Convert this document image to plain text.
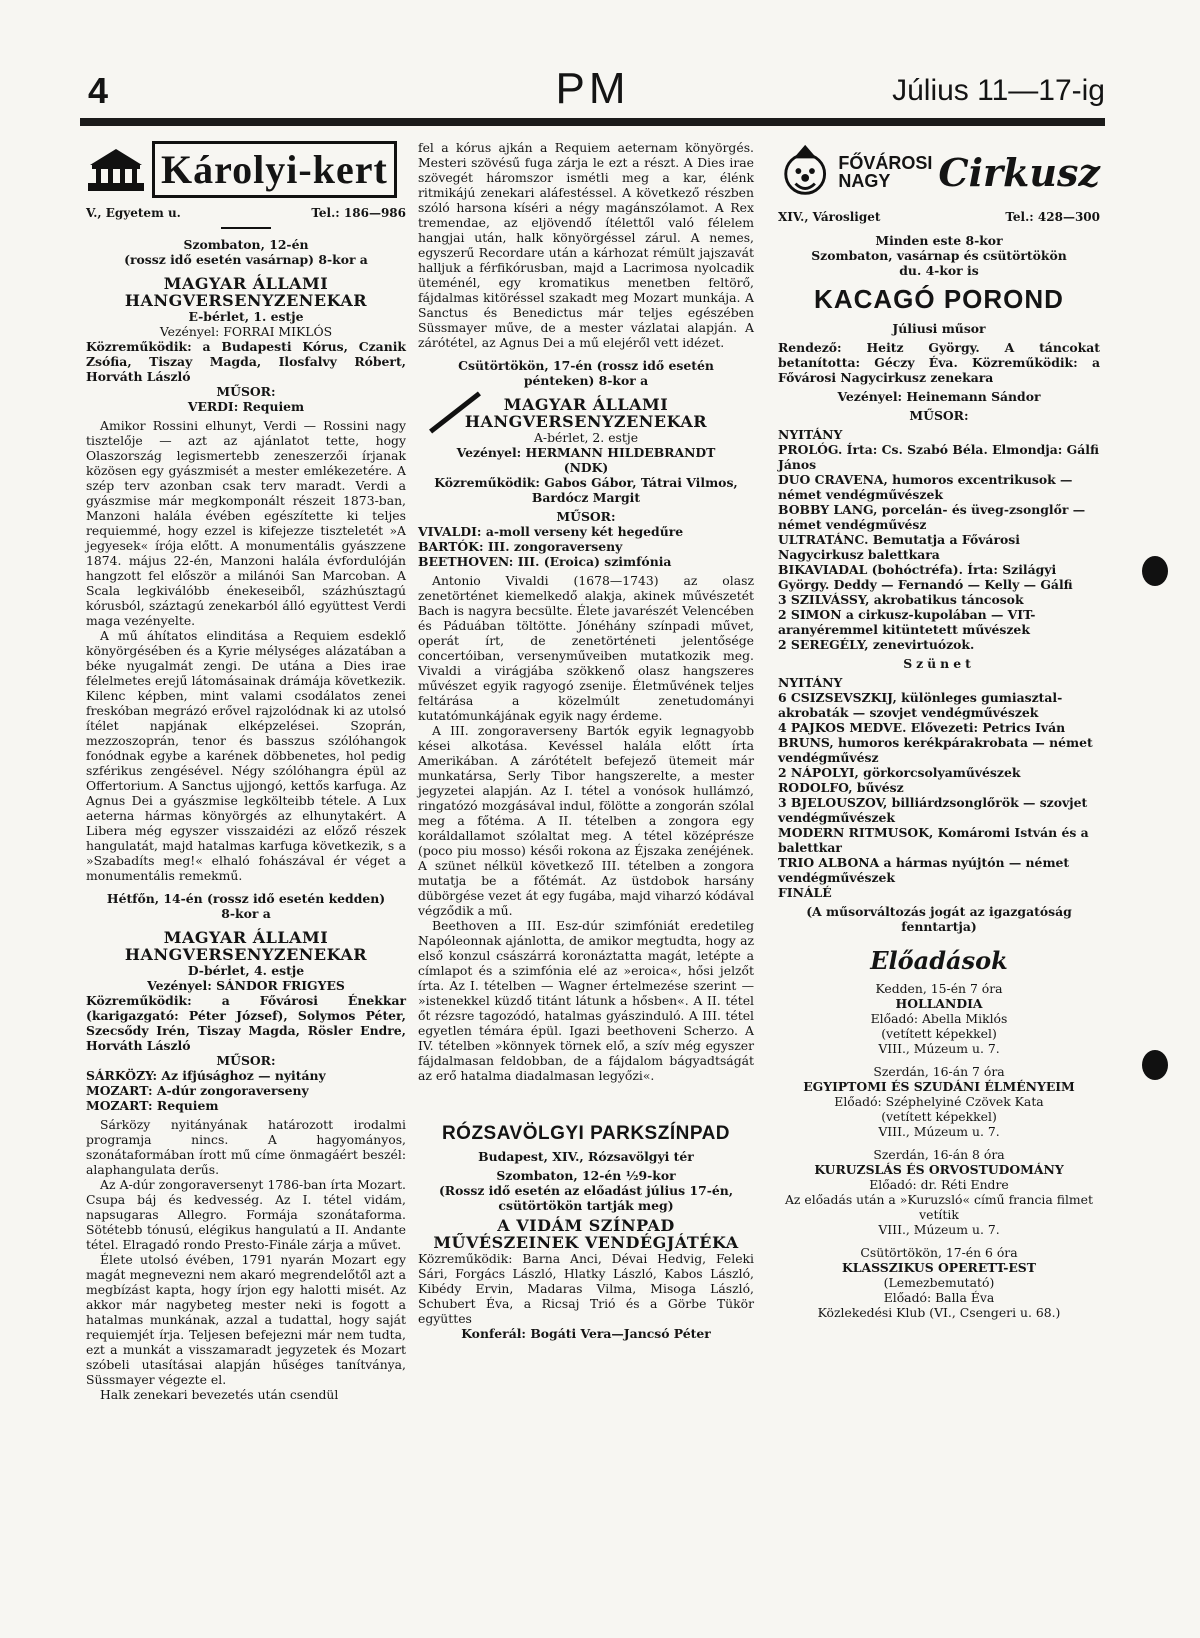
4	PM	Július 11—17-ig
Károlyi-kert
V., Egyetem u.	Tel.: 186—986

Szombaton, 12-én

(rossz idő esetén vasárnap) 8-kor a

MAGYAR ÁLLAMI

HANGVERSENYZENEKAR

E-bérlet, 1. estje

Vezényel: FORRAI MIKLÓS

Közreműködik: a Budapesti Kórus, Czanik Zsófia, Tiszay Magda, Ilosfalvy Róbert, Horváth László

MŰSOR:

VERDI: Requiem

Amikor Rossini elhunyt, Verdi — Rossini nagy tisztelője — azt az ajánlatot tette, hogy Olaszország legismertebb zeneszerzői írjanak közösen egy gyászmisét a mester emlékezetére. A szép terv azonban csak terv maradt. Verdi a gyászmise már megkomponált részeit 1873-ban, Manzoni halála évében egészítette ki teljes requiemmé, hogy ezzel is kifejezze tiszteletét »A jegyesek« írója előtt. A monumentális gyászzene 1874. május 22-én, Manzoni halála évfordulóján hangzott fel először a milánói San Marcoban. A Scala legkiválóbb énekeseiből, százhúsztagú kórusból, száztagú zenekarból álló együttest Verdi maga vezényelte.

A mű áhítatos elinditása a Requiem esdeklő könyörgésében és a Kyrie mélységes alázatában a béke nyugalmát zengi. De utána a Dies irae félelmetes erejű látomásainak drámája következik. Kilenc képben, mint valami csodálatos zenei freskóban megrázó erővel rajzolódnak ki az utolsó ítélet napjának elképzelései. Szoprán, mezzoszoprán, tenor és basszus szólóhangok fonódnak egybe a karének döbbenetes, hol pedig szférikus zengésével. Négy szólóhangra épül az Offertorium. A Sanctus ujjongó, kettős karfuga. Az Agnus Dei a gyászmise legkölteibb tétele. A Lux aeterna hármas könyörgés az elhunytakért. A Libera még egyszer visszaidézi az előző részek hangulatát, majd hatalmas karfuga következik, s a »Szabadíts meg!« elhaló fohászával ér véget a monumentális remekmű.

Hétfőn, 14-én (rossz idő esetén kedden)

8-kor a

MAGYAR ÁLLAMI

HANGVERSENYZENEKAR

D-bérlet, 4. estje

Vezényel: SÁNDOR FRIGYES

Közreműködik: a Fővárosi Énekkar (karigazgató: Péter József), Solymos Péter, Szecsődy Irén, Tiszay Magda, Rösler Endre, Horváth László

MŰSOR:

SÁRKÖZY: Az ifjúsághoz — nyitány

MOZART: A-dúr zongoraverseny

MOZART: Requiem

Sárközy nyitányának határozott irodalmi programja nincs. A hagyományos, szonátaformában írott mű címe önmagáért beszél: alaphangulata derűs.

Az A-dúr zongoraversenyt 1786-ban írta Mozart. Csupa báj és kedvesség. Az I. tétel vidám, napsugaras Allegro. Formája szonátaforma. Sötétebb tónusú, elégikus hangulatú a II. Andante tétel. Elragadó rondo Presto-Finále zárja a művet.

Élete utolsó évében, 1791 nyarán Mozart egy magát megnevezni nem akaró megrendelőtől azt a megbízást kapta, hogy írjon egy halotti misét. Az akkor már nagybeteg mester neki is fogott a hatalmas munkának, azzal a tudattal, hogy saját requiemjét írja. Teljesen befejezni már nem tudta, ezt a munkát a visszamaradt jegyzetek és Mozart szóbeli utasításai alapján hűséges tanítványa, Süssmayer végezte el.

Halk zenekari bevezetés után csendül

fel a kórus ajkán a Requiem aeternam könyörgés. Mesteri szövésű fuga zárja le ezt a részt. A Dies irae szövegét háromszor ismétli meg a kar, élénk ritmikájú zenekari aláfestéssel. A következő részben szóló harsona kíséri a négy magánszólamot. A Rex tremendae, az eljövendő ítélettől való félelem hangjai után, halk könyörgéssel zárul. A nemes, egyszerű Recordare után a kárhozat rémült jajszavát halljuk a férfikórusban, majd a Lacrimosa nyolcadik üteménél, egy kromatikus menetben feltörő, fájdalmas kitöréssel szakadt meg Mozart munkája. A Sanctus és Benedictus már teljes egészében Süssmayer műve, de a mester vázlatai alapján. A zárótétel, az Agnus Dei a mű elejéről vett idézet.

Csütörtökön, 17-én (rossz idő esetén

pénteken) 8-kor a

MAGYAR ÁLLAMI

HANGVERSENYZENEKAR

A-bérlet, 2. estje

Vezényel: HERMANN HILDEBRANDT

(NDK)

Közreműködik: Gabos Gábor, Tátrai Vilmos, Bardócz Margit

MŰSOR:

VIVALDI: a-moll verseny két hegedűre

BARTÓK: III. zongoraverseny

BEETHOVEN: III. (Eroica) szimfónia

Antonio Vivaldi (1678—1743) az olasz zenetörténet kiemelkedő alakja, akinek művészetét Bach is nagyra becsülte. Élete javarészét Velencében és Páduában töltötte. Jónéhány színpadi művet, operát írt, de zenetörténeti jelentősége concertóiban, versenyműveiben mutatkozik meg. Vivaldi a virágjába szökkenő olasz hangszeres művészet egyik ragyogó zsenije. Életművének teljes feltárása a közelmúlt zenetudományi kutatómunkájának egyik nagy érdeme.

A III. zongoraverseny Bartók egyik legnagyobb kései alkotása. Kevéssel halála előtt írta Amerikában. A zárótételt befejező ütemeit már munkatársa, Serly Tibor hangszerelte, a mester jegyzetei alapján. Az I. tétel a vonósok hullámzó, ringatózó mozgásával indul, fölötte a zongorán szólal meg a főtéma. A II. tételben a zongora egy koráldallamot szólaltat meg. A tétel középrésze (poco piu mosso) késői rokona az Éjszaka zenéjének. A szünet nélkül következő III. tételben a zongora mutatja be a főtémát. Az üstdobok harsány dübörgése vezet át egy fugába, majd viharzó kódával végződik a mű.

Beethoven a III. Esz-dúr szimfóniát eredetileg Napóleonnak ajánlotta, de amikor megtudta, hogy az első konzul császárrá koronáztatta magát, letépte a címlapot és a szimfónia elé az »eroica«, hősi jelzőt írta. Az I. tételben — Wagner értelmezése szerint — »istenekkel küzdő titánt látunk a hősben«. A II. tétel őt rézsre tagozódó, hatalmas gyászinduló. A III. tétel egyetlen témára épül. Igazi beethoveni Scherzo. A IV. tételben »könnyek törnek elő, a szív még egyszer fájdalmasan feldobban, de a fájdalom bágyadtságát az erő hatalma diadalmasan legyőzi«.

RÓZSAVÖLGYI PARKSZÍNPAD

Budapest, XIV., Rózsavölgyi tér

Szombaton, 12-én ½9-kor

(Rossz idő esetén az előadást július 17-én,

csütörtökön tartják meg)

A VIDÁM SZÍNPAD

MŰVÉSZEINEK VENDÉGJÁTÉKA

Közreműködik: Barna Anci, Dévai Hedvig, Feleki Sári, Forgács László, Hlatky László, Kabos László, Kibédy Ervin, Madaras Vilma, Misoga László, Schubert Éva, a Ricsaj Trió és a Görbe Tükör együttes

Konferál: Bogáti Vera—Jancsó Péter

FŐVÁROSI
NAGY	Cirkusz
XIV., Városliget	Tel.: 428—300

Minden este 8-kor

Szombaton, vasárnap és csütörtökön

du. 4-kor is

KACAGÓ POROND

Júliusi műsor

Rendező: Heitz György. A táncokat betanította: Géczy Éva. Közreműködik: a Fővárosi Nagycirkusz zenekara

Vezényel: Heinemann Sándor

MŰSOR:

NYITÁNY

PROLÓG. Írta: Cs. Szabó Béla. Elmondja: Gálfi János

DUO CRAVENA, humoros excentrikusok — német vendégművészek

BOBBY LANG, porcelán- és üveg-zsonglőr — német vendégművész

ULTRATÁNC. Bemutatja a Fővárosi Nagycirkusz balettkara

BIKAVIADAL (bohóctréfa). Írta: Szilágyi György. Deddy — Fernandó — Kelly — Gálfi

3 SZILVÁSSY, akrobatikus táncosok

2 SIMON a cirkusz-kupolában — VIT-aranyéremmel kitüntetett művészek

2 SEREGÉLY, zenevirtuózok.

Szünet

NYITÁNY

6 CSIZSEVSZKIJ, különleges gumiasztal-akrobaták — szovjet vendégművészek

4 PAJKOS MEDVE. Elővezeti: Petrics Iván

BRUNS, humoros kerékpárakrobata — német vendégművész

2 NÁPOLYI, görkorcsolyaművészek

RODOLFO, bűvész

3 BJELOUSZOV, billiárdzsonglőrök — szovjet vendégművészek

MODERN RITMUSOK, Komáromi István és a balettkar

TRIO ALBONA a hármas nyújtón — német vendégművészek

FINÁLÉ

(A műsorváltozás jogát az igazgatóság fenntartja)

Előadások

Kedden, 15-én 7 óra

HOLLANDIA

Előadó: Abella Miklós

(vetített képekkel)

VIII., Múzeum u. 7.

Szerdán, 16-án 7 óra

EGYIPTOMI ÉS SZUDÁNI ÉLMÉNYEIM

Előadó: Széphelyiné Czövek Kata

(vetített képekkel)

VIII., Múzeum u. 7.

Szerdán, 16-án 8 óra

KURUZSLÁS ÉS ORVOSTUDOMÁNY

Előadó: dr. Réti Endre

Az előadás után a »Kuruzsló« című francia filmet vetítik

VIII., Múzeum u. 7.

Csütörtökön, 17-én 6 óra

KLASSZIKUS OPERETT-EST

(Lemezbemutató)

Előadó: Balla Éva

Közlekedési Klub (VI., Csengeri u. 68.)
